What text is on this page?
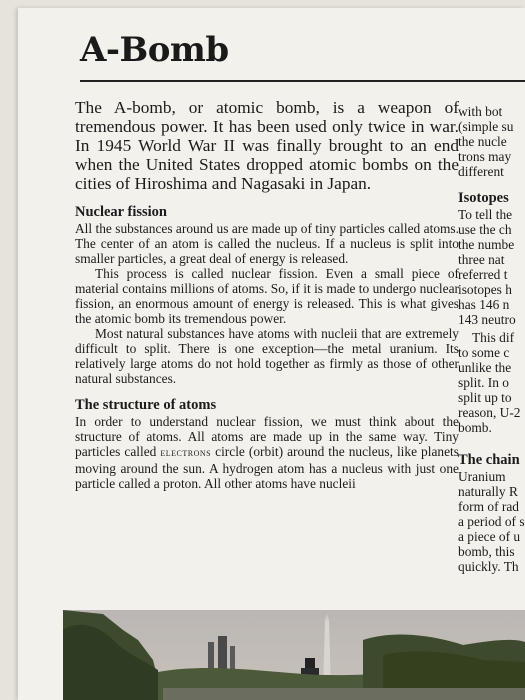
A-Bomb

The A-bomb, or atomic bomb, is a weapon of tremendous power. It has been used only twice in war. In 1945 World War II was finally brought to an end when the United States dropped atomic bombs on the cities of Hiroshima and Nagasaki in Japan.

Nuclear fission

All the substances around us are made up of tiny particles called atoms. The center of an atom is called the nucleus. If a nucleus is split into smaller particles, a great deal of energy is released.

This process is called nuclear fission. Even a small piece of material contains millions of atoms. So, if it is made to undergo nuclear fission, an enormous amount of energy is released. This is what gives the atomic bomb its tremendous power.

Most natural substances have atoms with nucleii that are extremely difficult to split. There is one exception—the metal uranium. Its relatively large atoms do not hold together as firmly as those of other natural substances.

The structure of atoms

In order to understand nuclear fission, we must think about the structure of atoms. All atoms are made up in the same way. Tiny particles called electrons circle (orbit) around the nucleus, like planets moving around the sun. A hydrogen atom has a nucleus with just one particle called a proton. All other atoms have nucleii

with bot
(simple su
the nucle
trons may
different
Isotopes
To tell the
use the ch
the numbe
three nat
referred t
isotopes h
has 146 n
143 neutro
This dif
to some c
unlike the
split. In o
split up to
reason, U-2
bomb.
The chain
Uranium
naturally R
form of rad
a period of s
a piece of u
bomb, this
quickly. Th
